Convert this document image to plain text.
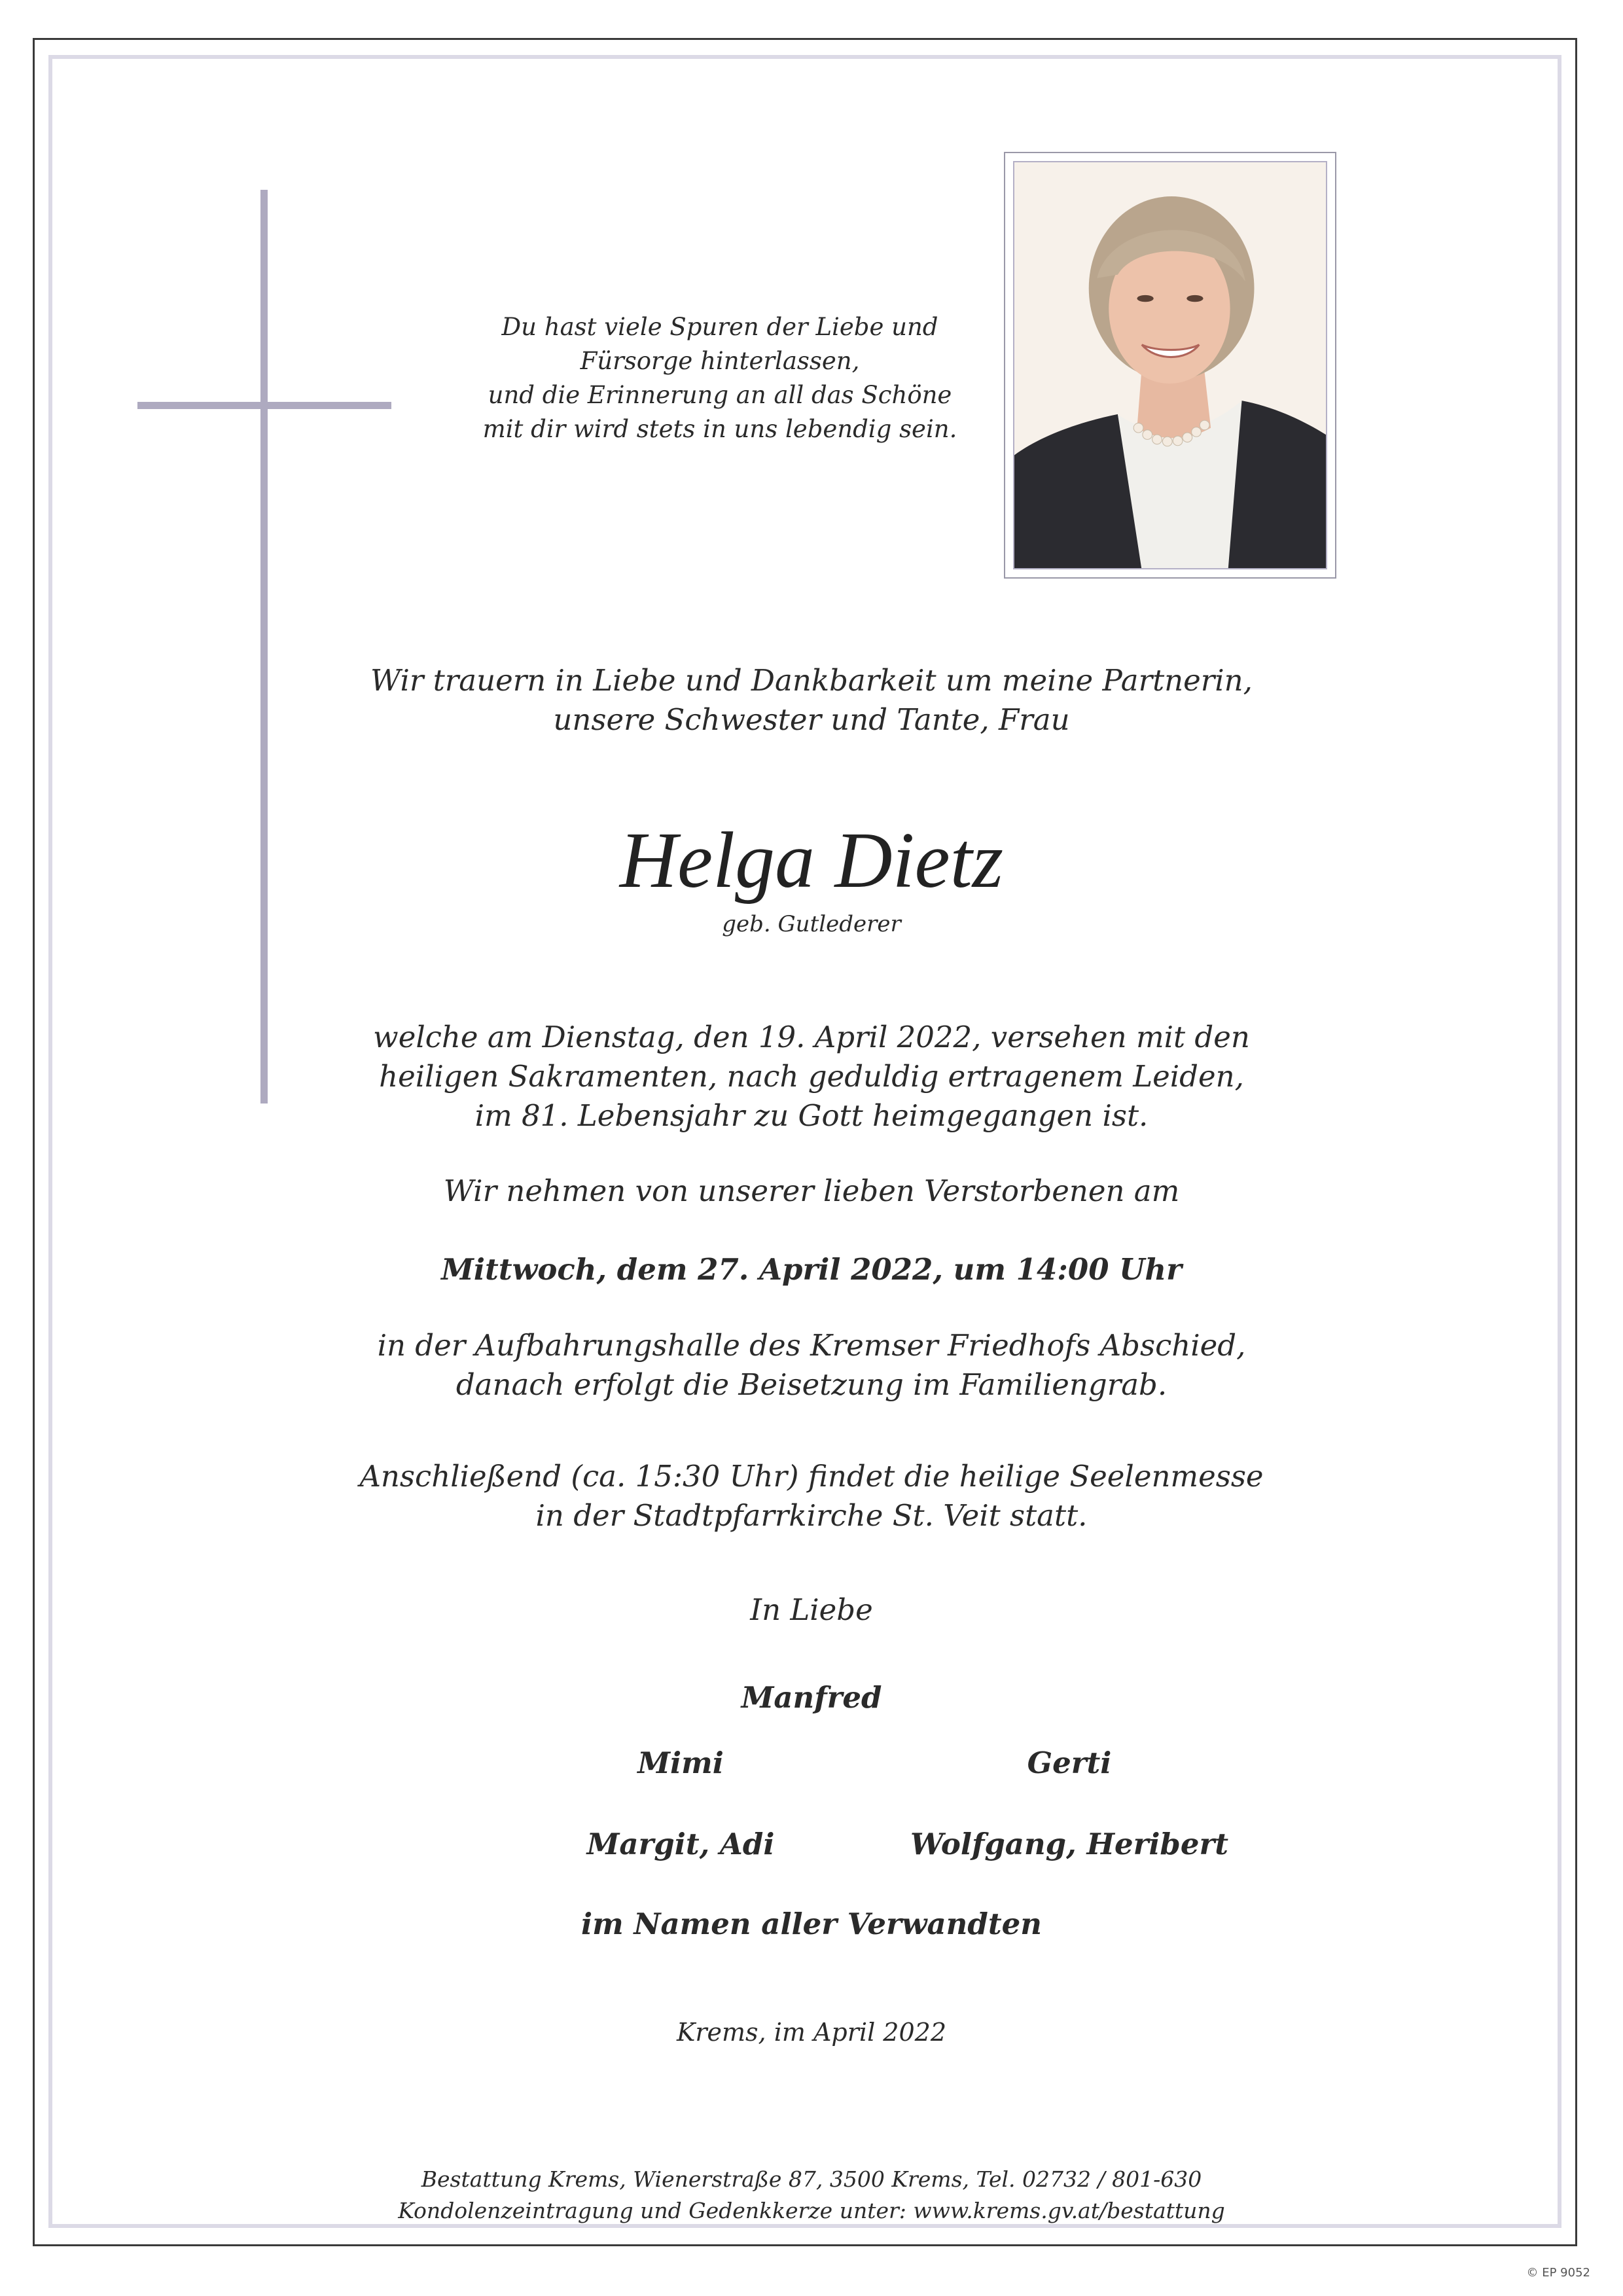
Du hast viele Spuren der Liebe und
Fürsorge hinterlassen,
und die Erinnerung an all das Schöne
mit dir wird stets in uns lebendig sein.

Wir trauern in Liebe und Dankbarkeit um meine Partnerin,
unsere Schwester und Tante, Frau

Helga Dietz

geb. Gutlederer

welche am Dienstag, den 19. April 2022, versehen mit den
heiligen Sakramenten, nach geduldig ertragenem Leiden,
im 81. Lebensjahr zu Gott heimgegangen ist.

Wir nehmen von unserer lieben Verstorbenen am

Mittwoch, dem 27. April 2022, um 14:00 Uhr

in der Aufbahrungshalle des Kremser Friedhofs Abschied,
danach erfolgt die Beisetzung im Familiengrab.

Anschließend (ca. 15:30 Uhr) findet die heilige Seelenmesse
in der Stadtpfarrkirche St. Veit statt.

In Liebe

Manfred

Mimi	Gerti

Margit, Adi	Wolfgang, Heribert

im Namen aller Verwandten

Krems, im April 2022

Bestattung Krems, Wienerstraße 87, 3500 Krems, Tel. 02732 / 801-630
Kondolenzeintragung und Gedenkkerze unter: www.krems.gv.at/bestattung

© EP 9052
